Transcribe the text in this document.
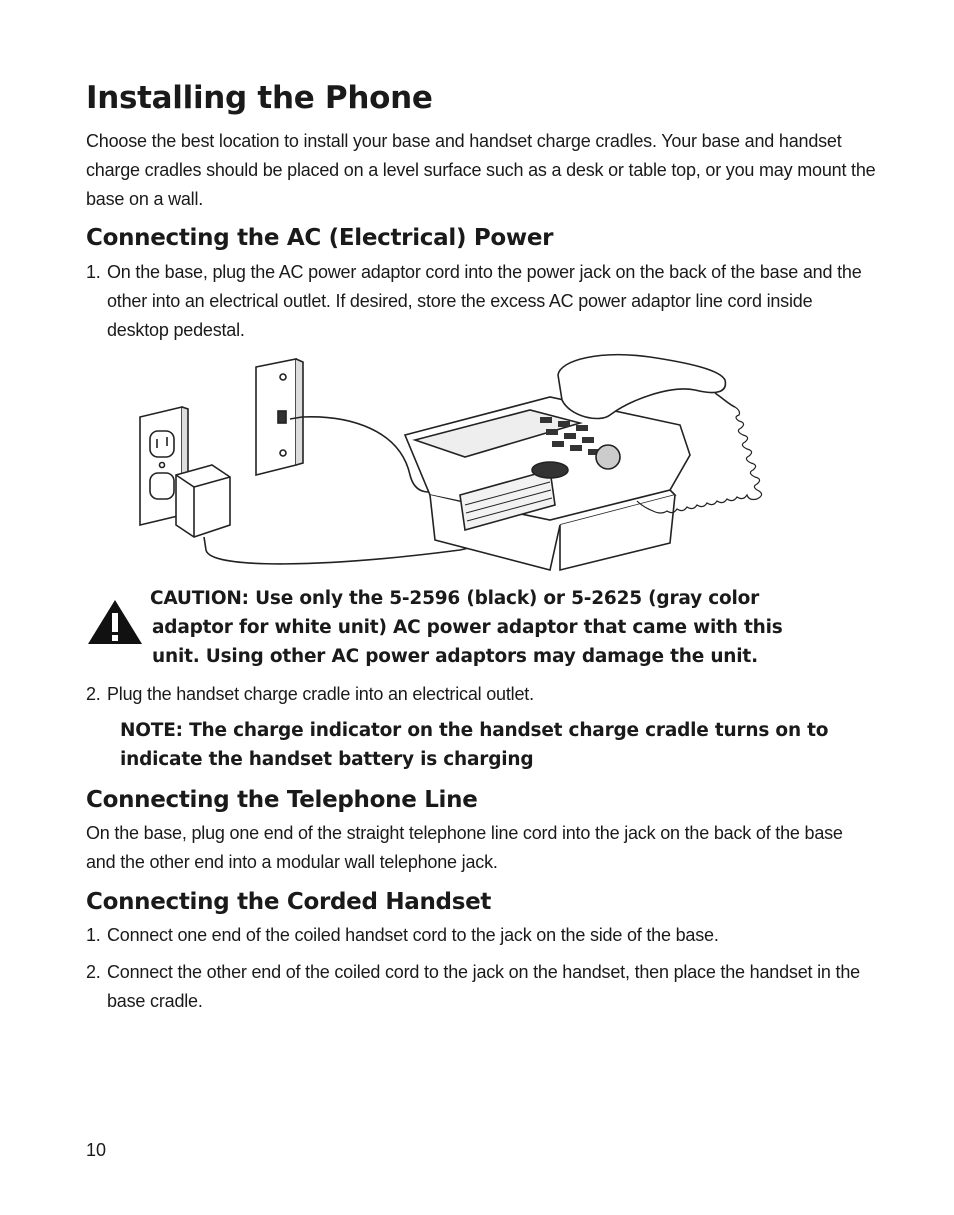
Installing the Phone

Choose the best location to install your base and handset charge cradles. Your base and handset charge cradles should be placed on a level surface such as a desk or table top, or you may mount the base on a wall.

Connecting the AC (Electrical) Power
1. On the base, plug the AC power adaptor cord into the power jack on the back of the base and the other into an electrical outlet. If desired, store the excess AC power adaptor line cord inside desktop pedestal.
CAUTION: Use only the 5-2596 (black) or 5-2625 (gray color
adaptor for white unit) AC power adaptor that came with this
unit. Using other AC power adaptors may damage the unit.
2. Plug the handset charge cradle into an electrical outlet.
NOTE: The charge indicator on the handset charge cradle turns on to indicate the handset battery is charging
Connecting the Telephone Line

On the base, plug one end of the straight telephone line cord into the jack on the back of the base and the other end into a modular wall telephone jack.

Connecting the Corded Handset
1. Connect one end of the coiled handset cord to the jack on the side of the base.
2. Connect the other end of the coiled cord to the jack on the handset, then place the handset in the base cradle.
10
